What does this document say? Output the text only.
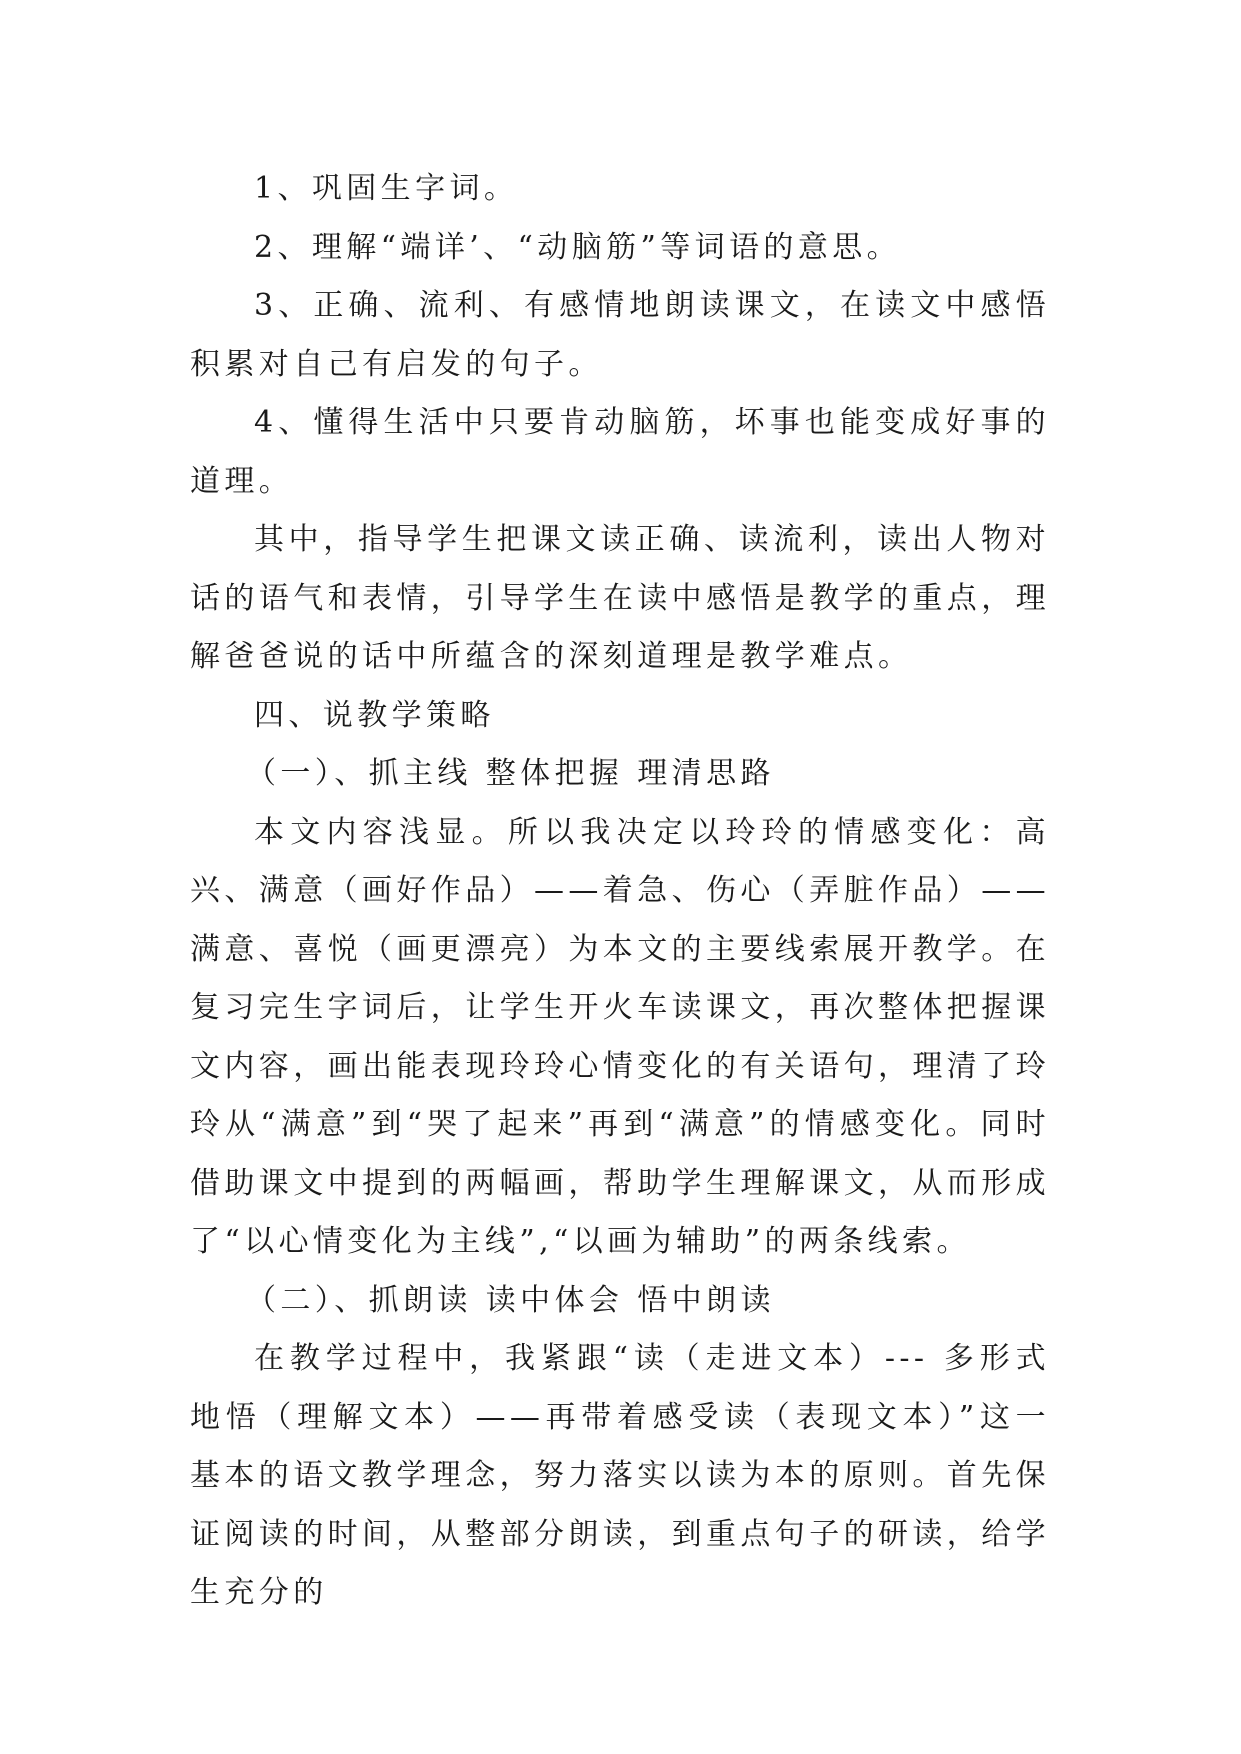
1、巩固生字词。

2、理解“端详’、“动脑筋”等词语的意思。

3、正确、流利、有感情地朗读课文，在读文中感悟积累对自己有启发的句子。

4、懂得生活中只要肯动脑筋，坏事也能变成好事的道理。

其中，指导学生把课文读正确、读流利，读出人物对话的语气和表情，引导学生在读中感悟是教学的重点，理解爸爸说的话中所蕴含的深刻道理是教学难点。

四、说教学策略

（一）、抓主线 整体把握 理清思路

本文内容浅显。所以我决定以玲玲的情感变化：高兴、满意（画好作品）——着急、伤心（弄脏作品）——满意、喜悦（画更漂亮）为本文的主要线索展开教学。在复习完生字词后，让学生开火车读课文，再次整体把握课文内容，画出能表现玲玲心情变化的有关语句，理清了玲玲从“满意”到“哭了起来”再到“满意”的情感变化。同时借助课文中提到的两幅画，帮助学生理解课文，从而形成了“以心情变化为主线”,“以画为辅助”的两条线索。

（二）、抓朗读 读中体会 悟中朗读

在教学过程中，我紧跟“读（走进文本）--- 多形式地悟（理解文本）——再带着感受读（表现文本）”这一基本的语文教学理念，努力落实以读为本的原则。首先保证阅读的时间，从整部分朗读，到重点句子的研读，给学生充分的
